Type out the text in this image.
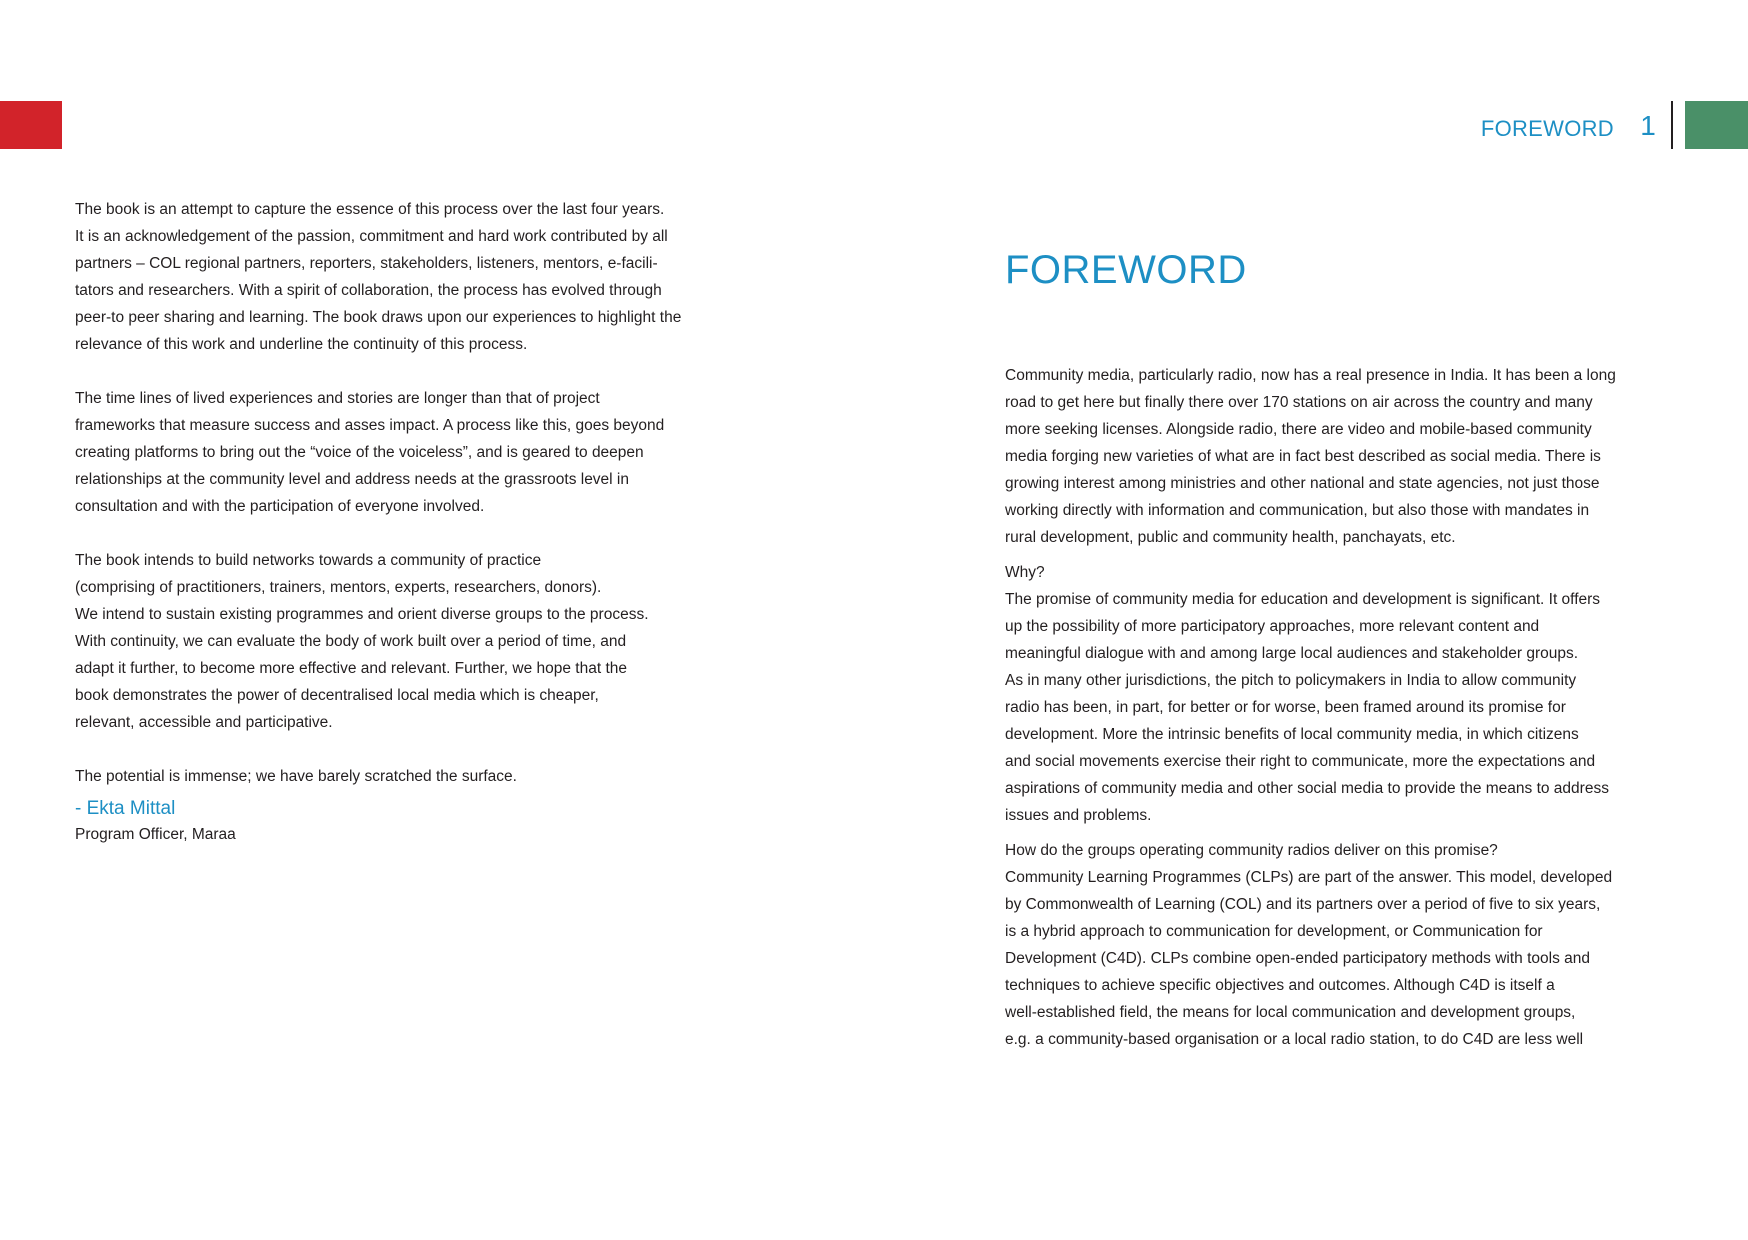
FOREWORD 1

The book is an attempt to capture the essence of this process over the last four years.
It is an acknowledgement of the passion, commitment and hard work contributed by all
partners – COL regional partners, reporters, stakeholders, listeners, mentors, e-facili-
tators and researchers. With a spirit of collaboration, the process has evolved through
peer-to peer sharing and learning. The book draws upon our experiences to highlight the
relevance of this work and underline the continuity of this process.

The time lines of lived experiences and stories are longer than that of project
frameworks that measure success and asses impact. A process like this, goes beyond
creating platforms to bring out the “voice of the voiceless”, and is geared to deepen
relationships at the community level and address needs at the grassroots level in
consultation and with the participation of everyone involved.

The book intends to build networks towards a community of practice
(comprising of practitioners, trainers, mentors, experts, researchers, donors).
We intend to sustain existing programmes and orient diverse groups to the process.
With continuity, we can evaluate the body of work built over a period of time, and
adapt it further, to become more effective and relevant. Further, we hope that the
book demonstrates the power of decentralised local media which is cheaper,
relevant, accessible and participative.

The potential is immense; we have barely scratched the surface.

- Ekta Mittal
Program Officer, Maraa
FOREWORD

Community media, particularly radio, now has a real presence in India. It has been a long
road to get here but finally there over 170 stations on air across the country and many
more seeking licenses. Alongside radio, there are video and mobile-based community
media forging new varieties of what are in fact best described as social media. There is
growing interest among ministries and other national and state agencies, not just those
working directly with information and communication, but also those with mandates in
rural development, public and community health, panchayats, etc.

Why?
The promise of community media for education and development is significant. It offers
up the possibility of more participatory approaches, more relevant content and
meaningful dialogue with and among large local audiences and stakeholder groups.
As in many other jurisdictions, the pitch to policymakers in India to allow community
radio has been, in part, for better or for worse, been framed around its promise for
development. More the intrinsic benefits of local community media, in which citizens
and social movements exercise their right to communicate, more the expectations and
aspirations of community media and other social media to provide the means to address
issues and problems.

How do the groups operating community radios deliver on this promise?
Community Learning Programmes (CLPs) are part of the answer. This model, developed
by Commonwealth of Learning (COL) and its partners over a period of five to six years,
is a hybrid approach to communication for development, or Communication for
Development (C4D). CLPs combine open-ended participatory methods with tools and
techniques to achieve specific objectives and outcomes. Although C4D is itself a
well-established field, the means for local communication and development groups,
e.g. a community-based organisation or a local radio station, to do C4D are less well
